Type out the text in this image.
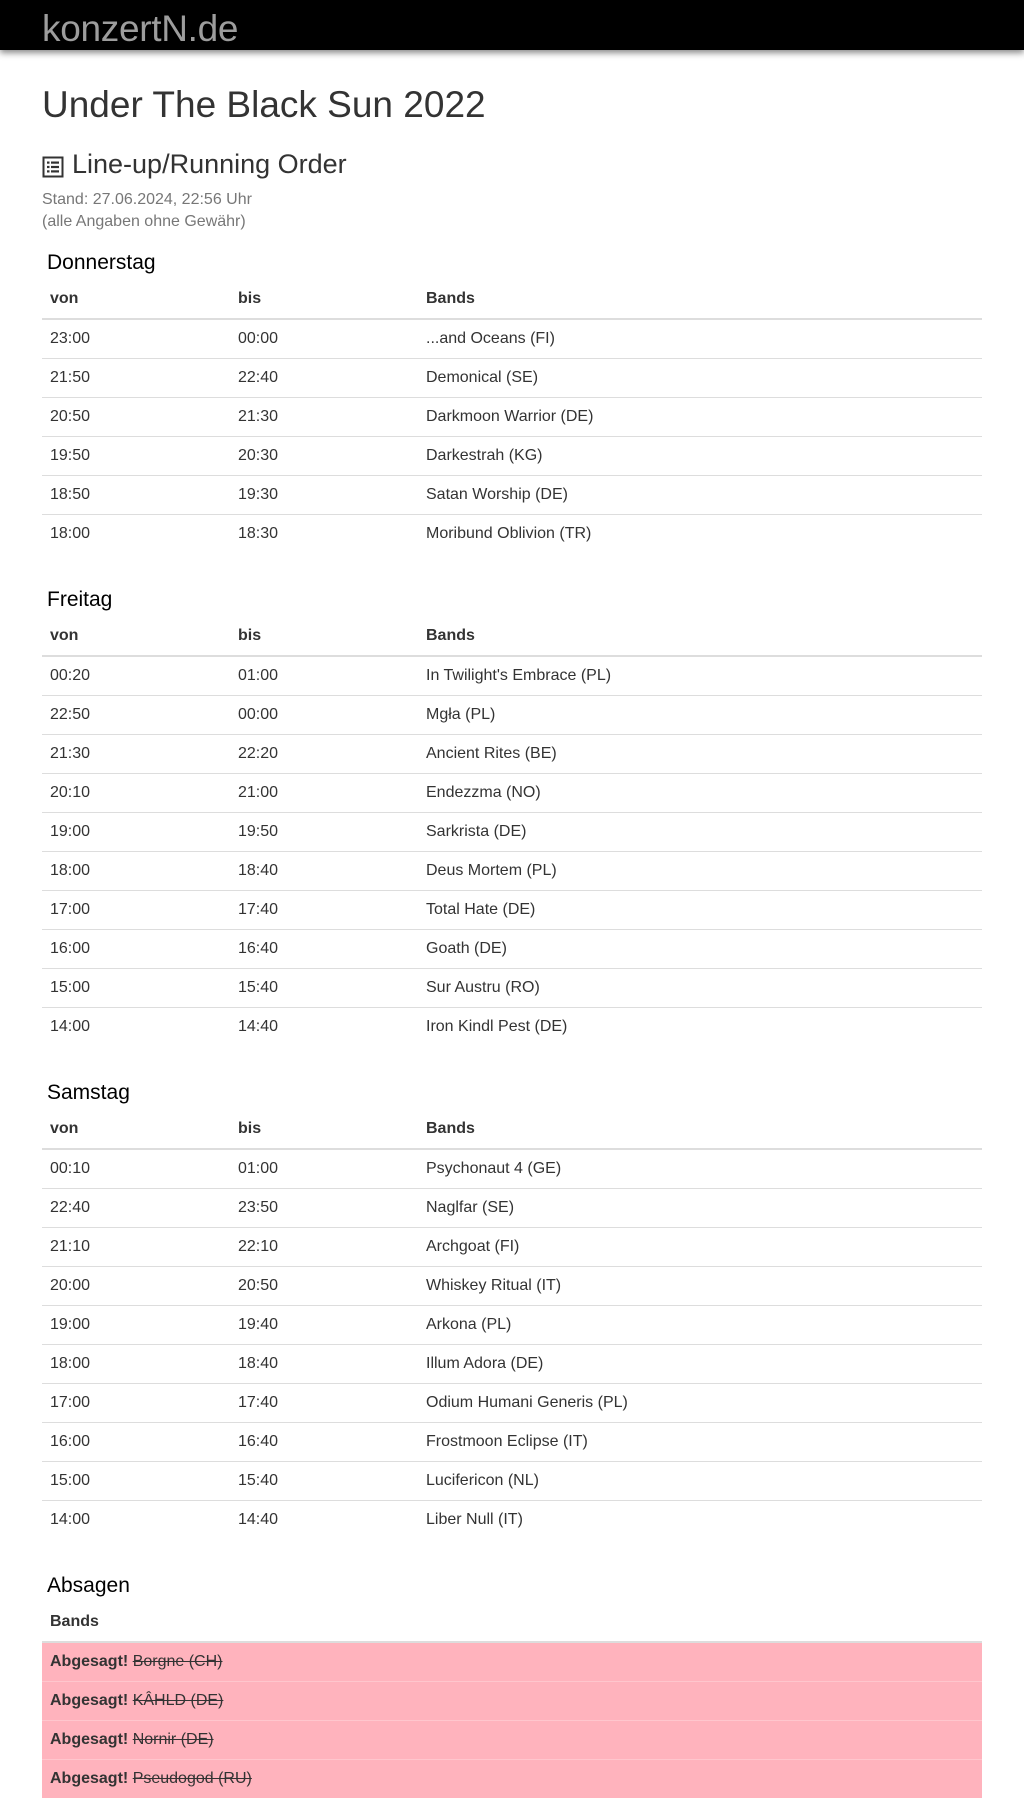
konzertN.de
Under The Black Sun 2022
Line-up/Running Order
Stand: 27.06.2024, 22:56 Uhr
(alle Angaben ohne Gewähr)
Donnerstag
von	bis	Bands
23:00	00:00	...and Oceans (FI)
21:50	22:40	Demonical (SE)
20:50	21:30	Darkmoon Warrior (DE)
19:50	20:30	Darkestrah (KG)
18:50	19:30	Satan Worship (DE)
18:00	18:30	Moribund Oblivion (TR)
Freitag
von	bis	Bands
00:20	01:00	In Twilight's Embrace (PL)
22:50	00:00	Mgła (PL)
21:30	22:20	Ancient Rites (BE)
20:10	21:00	Endezzma (NO)
19:00	19:50	Sarkrista (DE)
18:00	18:40	Deus Mortem (PL)
17:00	17:40	Total Hate (DE)
16:00	16:40	Goath (DE)
15:00	15:40	Sur Austru (RO)
14:00	14:40	Iron Kindl Pest (DE)
Samstag
von	bis	Bands
00:10	01:00	Psychonaut 4 (GE)
22:40	23:50	Naglfar (SE)
21:10	22:10	Archgoat (FI)
20:00	20:50	Whiskey Ritual (IT)
19:00	19:40	Arkona (PL)
18:00	18:40	Illum Adora (DE)
17:00	17:40	Odium Humani Generis (PL)
16:00	16:40	Frostmoon Eclipse (IT)
15:00	15:40	Lucifericon (NL)
14:00	14:40	Liber Null (IT)
Absagen
Bands
Abgesagt! Borgne (CH)
Abgesagt! KÂHLD (DE)
Abgesagt! Nornir (DE)
Abgesagt! Pseudogod (RU)
